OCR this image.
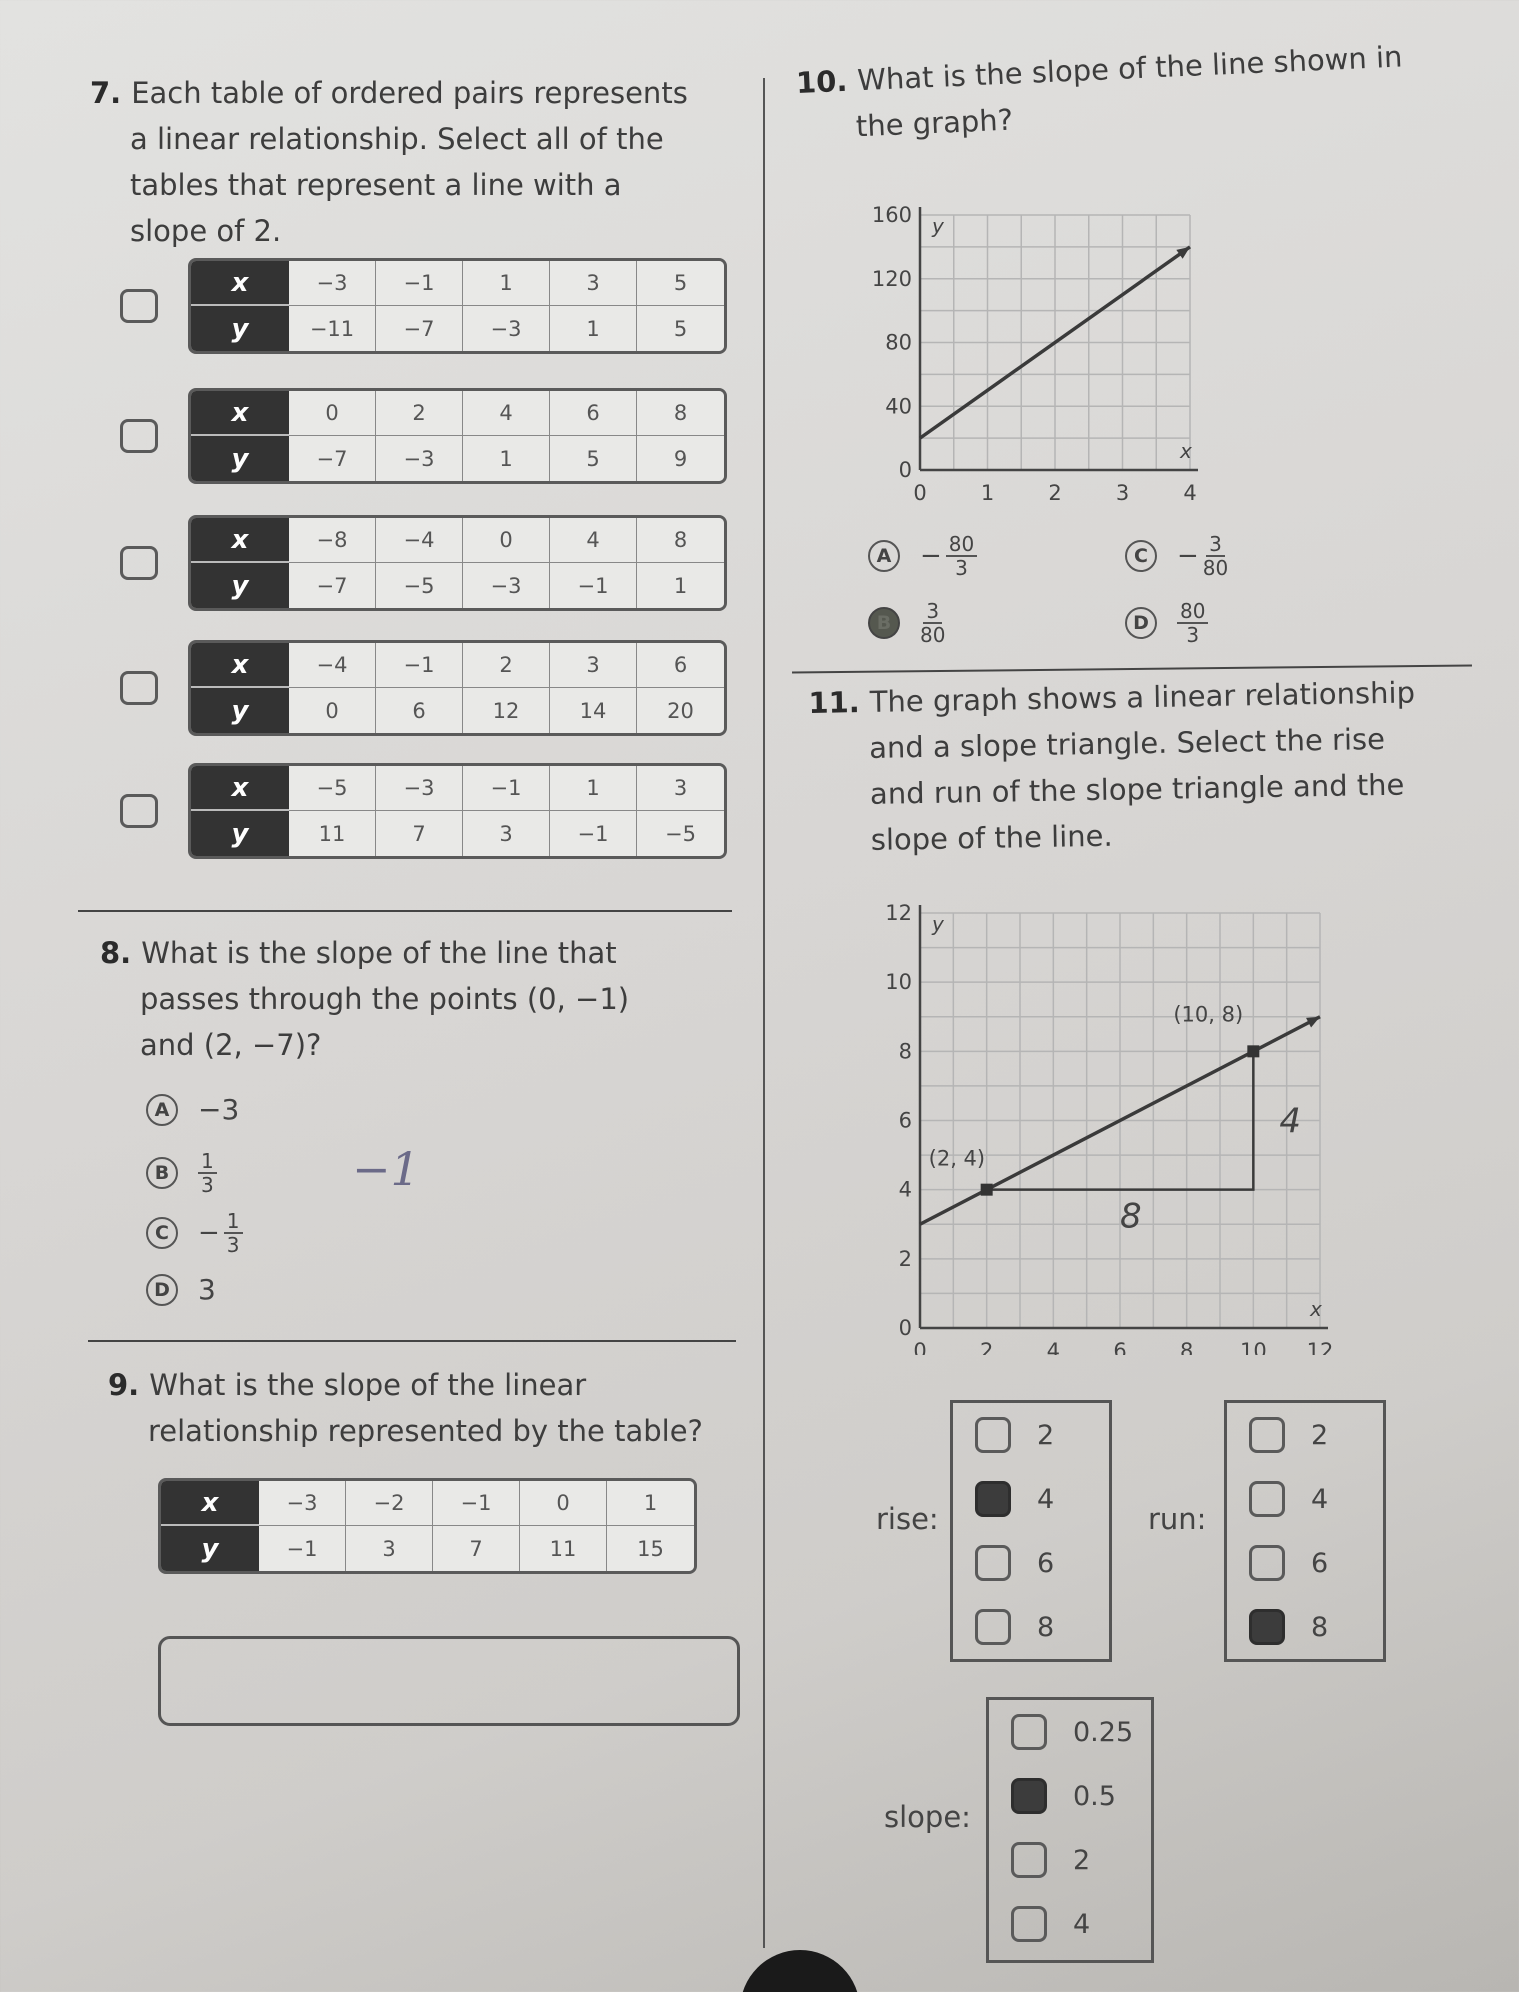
7. Each table of ordered pairs represents
a linear relationship. Select all of the
tables that represent a line with a
slope of 2.
x	−3	−1	1	3	5
y	−11	−7	−3	1	5
x	0	2	4	6	8
y	−7	−3	1	5	9
x	−8	−4	0	4	8
y	−7	−5	−3	−1	1
x	−4	−1	2	3	6
y	0	6	12	14	20
x	−5	−3	−1	1	3
y	11	7	3	−1	−5
8. What is the slope of the line that
passes through the points (0, −1)
and (2, −7)?
A	−3
B	$\frac{1}{3}$
C	− $\frac{1}{3}$
D 3
−1
9. What is the slope of the linear
relationship represented by the table?
x	−3	−2	−1	0	1
y	−1	3	7	11	15
10. What is the slope of the line shown in
the graph?
0	1	2	3	4
0
40
80
120
160
x
y
A	− $\frac{80}{3}$
B	$\frac{3}{80}$
C	− $\frac{3}{80}$
D	$\frac{80}{3}$
11. The graph shows a linear relationship
and a slope triangle. Select the rise
and run of the slope triangle and the
slope of the line.
0	2	4	6	8 10 12
0
2
4
6
8
10
12
x
y
(2, 4)
(10, 8)
4
8
rise:
2
4
6
8
run:
2
4
6
8
slope:
0.25
0.5
2
4
